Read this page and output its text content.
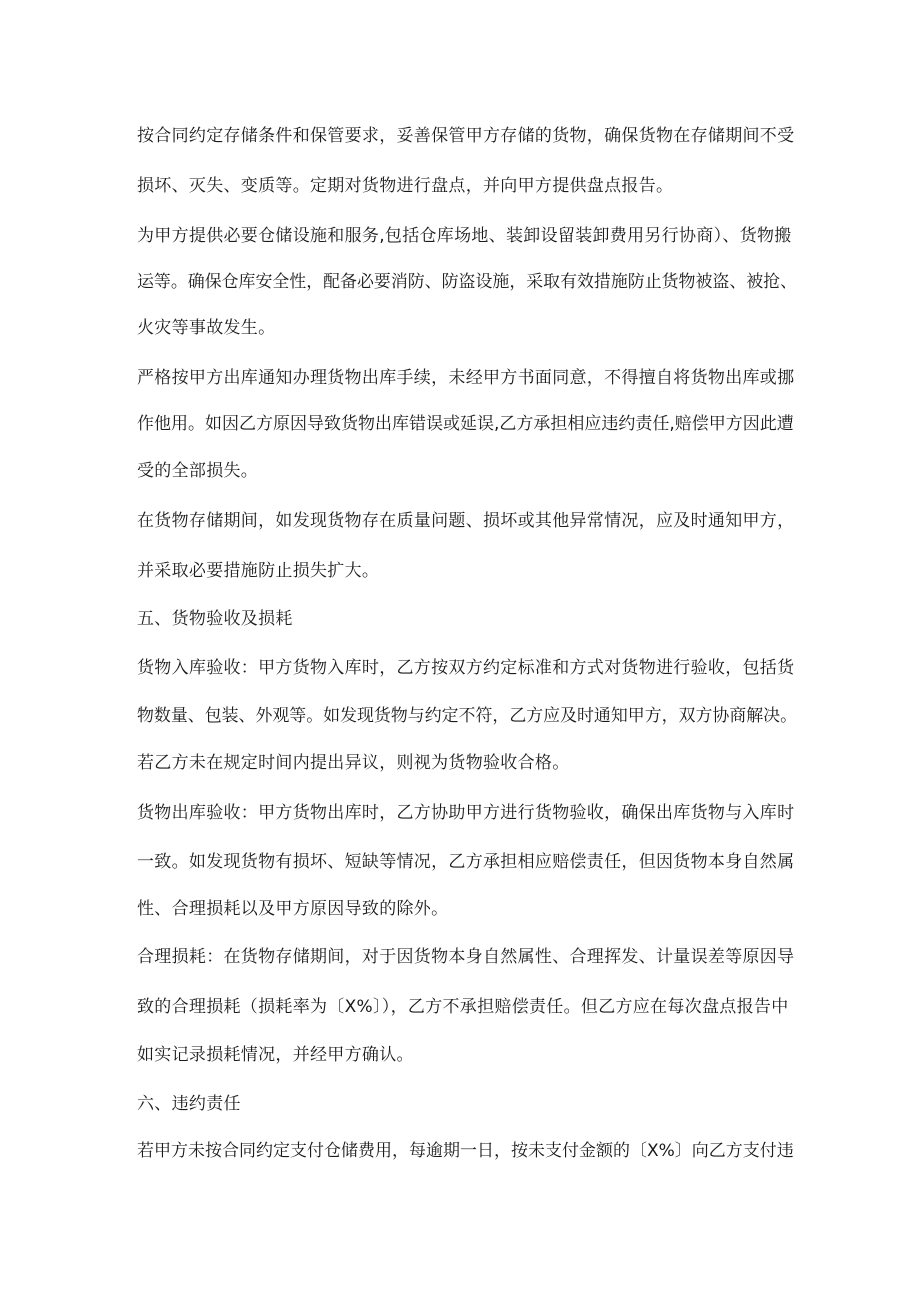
按合同约定存储条件和保管要求，妥善保管甲方存储的货物，确保货物在存储期间不受
损坏、灭失、变质等。定期对货物进行盘点，并向甲方提供盘点报告。
为甲方提供必要仓储设施和服务,包括仓库场地、装卸设留装卸费用另行协商）、货物搬
运等。确保仓库安全性，配备必要消防、防盗设施，采取有效措施防止货物被盗、被抢、
火灾等事故发生。
严格按甲方出库通知办理货物出库手续，未经甲方书面同意，不得擅自将货物出库或挪
作他用。如因乙方原因导致货物出库错误或延误,乙方承担相应违约责任,赔偿甲方因此遭
受的全部损失。
在货物存储期间，如发现货物存在质量问题、损坏或其他异常情况，应及时通知甲方，
并采取必要措施防止损失扩大。
五、货物验收及损耗
货物入库验收：甲方货物入库时，乙方按双方约定标准和方式对货物进行验收，包括货
物数量、包装、外观等。如发现货物与约定不符，乙方应及时通知甲方，双方协商解决。
若乙方未在规定时间内提出异议，则视为货物验收合格。
货物出库验收：甲方货物出库时，乙方协助甲方进行货物验收，确保出库货物与入库时
一致。如发现货物有损坏、短缺等情况，乙方承担相应赔偿责任，但因货物本身自然属
性、合理损耗以及甲方原因导致的除外。
合理损耗：在货物存储期间，对于因货物本身自然属性、合理挥发、计量误差等原因导
致的合理损耗（损耗率为〔X%〕），乙方不承担赔偿责任。但乙方应在每次盘点报告中
如实记录损耗情况，并经甲方确认。
六、违约责任
若甲方未按合同约定支付仓储费用，每逾期一日，按未支付金额的〔X%〕向乙方支付违
